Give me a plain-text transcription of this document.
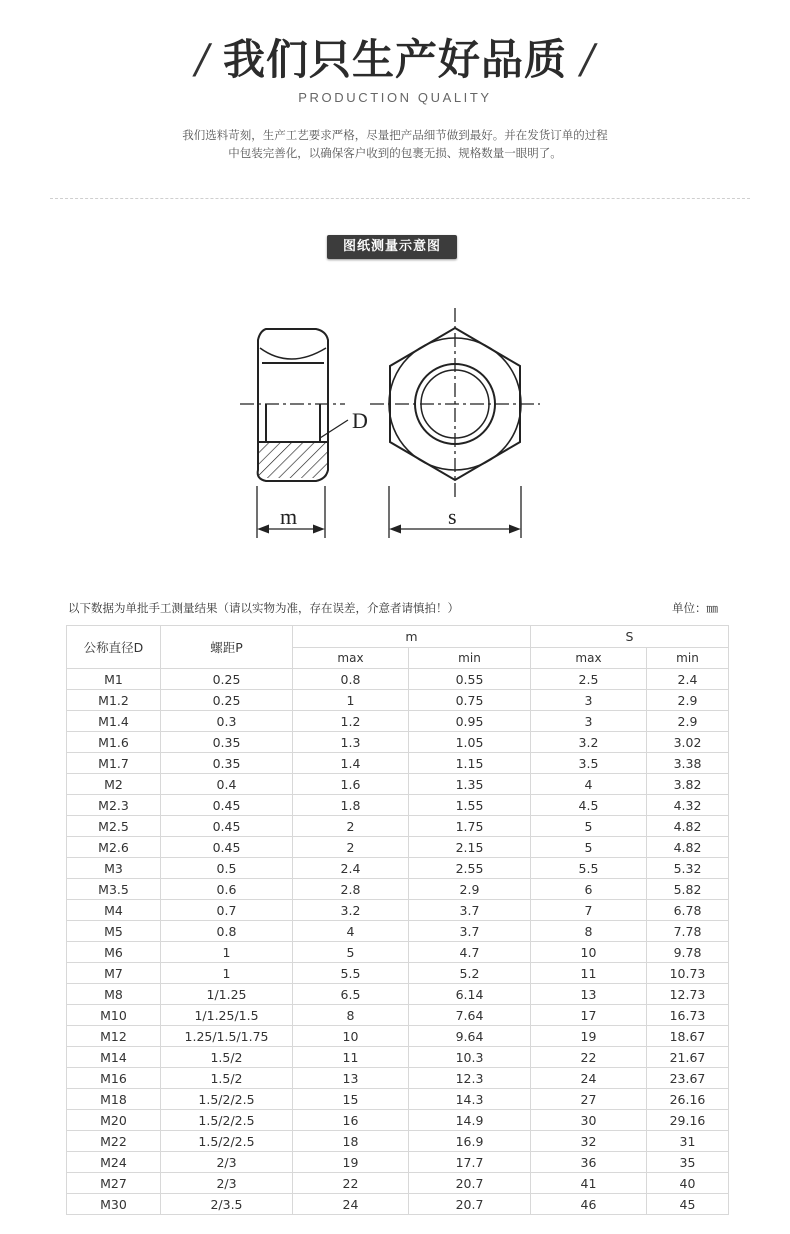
/ 我们只生产好品质 /
PRODUCTION QUALITY
我们选料苛刻，生产工艺要求严格，尽量把产品细节做到最好。并在发货订单的过程
中包装完善化，以确保客户收到的包裹无损、规格数量一眼明了。
图纸测量示意图
D
m	s
以下数据为单批手工测量结果（请以实物为准，存在误差，介意者请慎拍！）	单位：㎜
公称直径D	螺距P	m		S	
		max	min	max	min
M1	0.25	0.8	0.55	2.5	2.4
M1.2	0.25	1	0.75	3	2.9
M1.4	0.3	1.2	0.95	3	2.9
M1.6	0.35	1.3	1.05	3.2	3.02
M1.7	0.35	1.4	1.15	3.5	3.38
M2	0.4	1.6	1.35	4	3.82
M2.3	0.45	1.8	1.55	4.5	4.32
M2.5	0.45	2	1.75	5	4.82
M2.6	0.45	2	2.15	5	4.82
M3	0.5	2.4	2.55	5.5	5.32
M3.5	0.6	2.8	2.9	6	5.82
M4	0.7	3.2	3.7	7	6.78
M5	0.8	4	3.7	8	7.78
M6	1	5	4.7	10	9.78
M7	1	5.5	5.2	11	10.73
M8	1/1.25	6.5	6.14	13	12.73
M10	1/1.25/1.5	8	7.64	17	16.73
M12	1.25/1.5/1.75	10	9.64	19	18.67
M14	1.5/2	11	10.3	22	21.67
M16	1.5/2	13	12.3	24	23.67
M18	1.5/2/2.5	15	14.3	27	26.16
M20	1.5/2/2.5	16	14.9	30	29.16
M22	1.5/2/2.5	18	16.9	32	31
M24	2/3	19	17.7	36	35
M27	2/3	22	20.7	41	40
M30	2/3.5	24	20.7	46	45
